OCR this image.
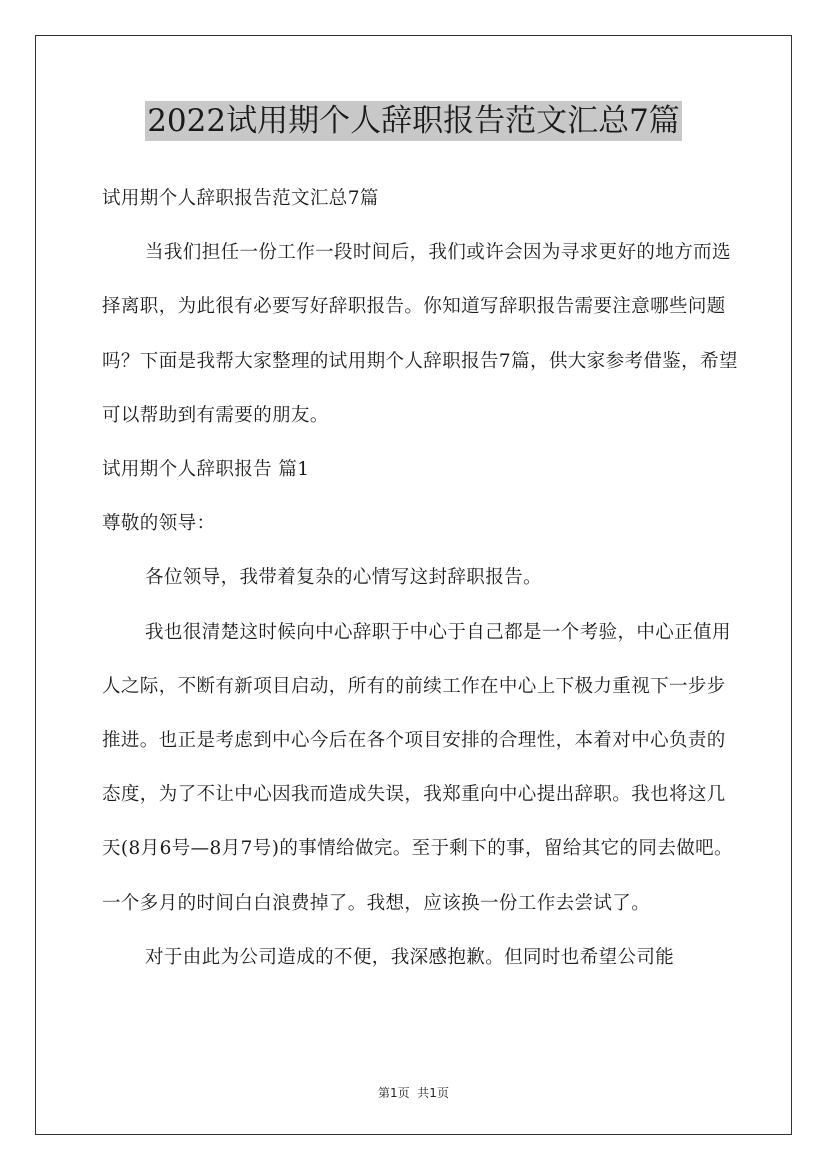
2022试用期个人辞职报告范文汇总7篇

试用期个人辞职报告范文汇总7篇

当我们担任一份工作一段时间后，我们或许会因为寻求更好的地方而选择离职，为此很有必要写好辞职报告。你知道写辞职报告需要注意哪些问题吗？下面是我帮大家整理的试用期个人辞职报告7篇，供大家参考借鉴，希望可以帮助到有需要的朋友。

试用期个人辞职报告 篇1

尊敬的领导：

各位领导，我带着复杂的心情写这封辞职报告。

我也很清楚这时候向中心辞职于中心于自己都是一个考验，中心正值用人之际，不断有新项目启动，所有的前续工作在中心上下极力重视下一步步推进。也正是考虑到中心今后在各个项目安排的合理性，本着对中心负责的态度，为了不让中心因我而造成失误，我郑重向中心提出辞职。我也将这几天(8月6号—8月7号)的事情给做完。至于剩下的事，留给其它的同去做吧。一个多月的时间白白浪费掉了。我想，应该换一份工作去尝试了。

对于由此为公司造成的不便，我深感抱歉。但同时也希望公司能

第1页  共1页
